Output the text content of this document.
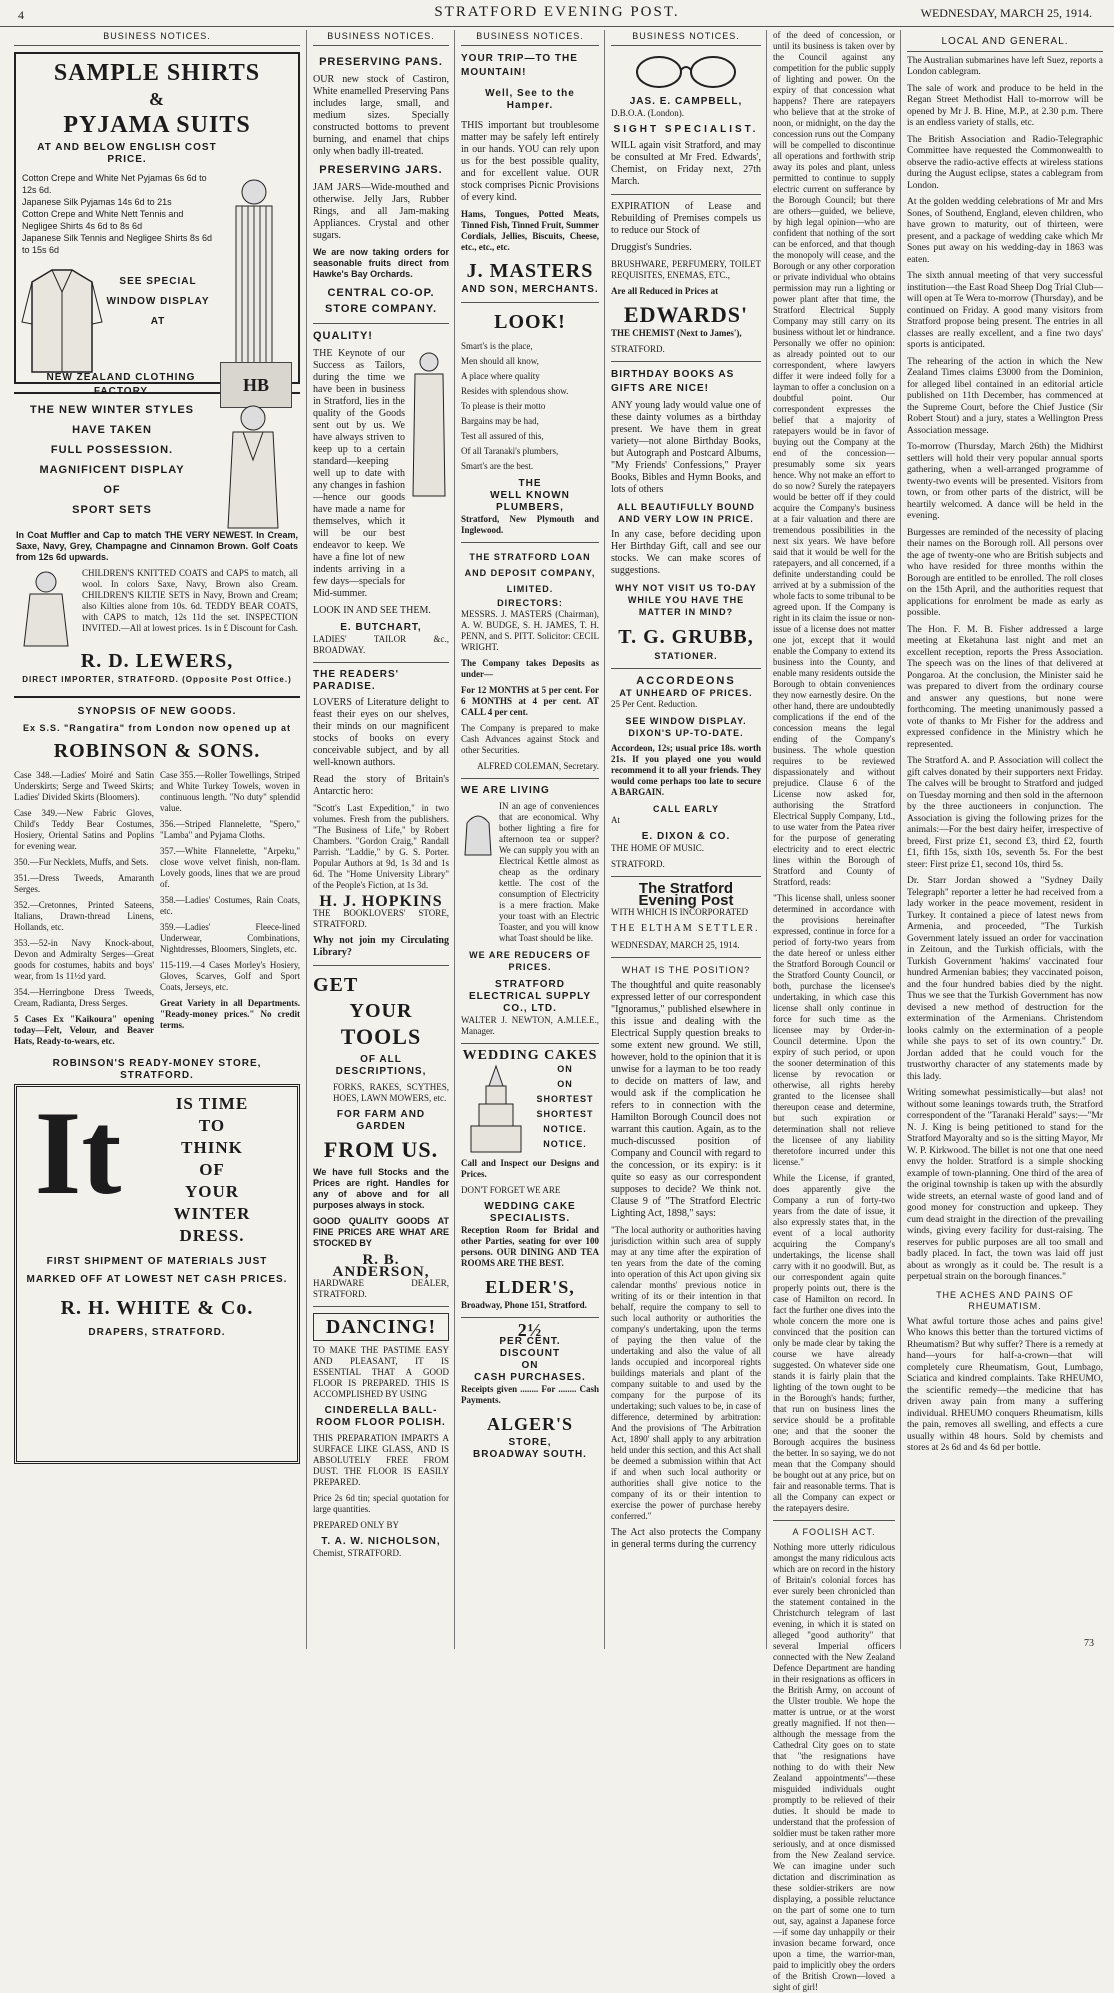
4	STRATFORD EVENING POST.	WEDNESDAY, MARCH 25, 1914.
BUSINESS NOTICES.
SAMPLE SHIRTS
&
PYJAMA SUITS
AT AND BELOW ENGLISH COST PRICE.
Cotton Crepe and White Net Pyjamas 6s 6d to 12s 6d.
Japanese Silk Pyjamas 14s 6d to 21s
Cotton Crepe and White Nett Tennis and Negligee Shirts 4s 6d to 8s 6d
Japanese Silk Tennis and Negligee Shirts 8s 6d to 15s 6d
SEE SPECIAL WINDOW DISPLAY AT
NEW ZEALAND CLOTHING FACTORY	HB
THE NEW WINTER STYLES
HAVE TAKEN
FULL POSSESSION.
MAGNIFICENT DISPLAY
OF
SPORT SETS

In Coat Muffler and Cap to match THE VERY NEWEST. In Cream, Saxe, Navy, Grey, Champagne and Cinnamon Brown. Golf Coats from 12s 6d upwards.

CHILDREN'S KNITTED COATS and CAPS to match, all wool. In colors Saxe, Navy, Brown also Cream. CHILDREN'S KILTIE SETS in Navy, Brown and Cream; also Kilties alone from 10s. 6d. TEDDY BEAR COATS, with CAPS to match, 12s 11d the set. INSPECTION INVITED.—All at lowest prices. 1s in £ Discount for Cash.

R. D. LEWERS,
DIRECT IMPORTER, STRATFORD. (Opposite Post Office.)
SYNOPSIS OF NEW GOODS.
Ex S.S. "Rangatira" from London now opened up at
ROBINSON & SONS.

Case 348.—Ladies' Moiré and Satin Underskirts; Serge and Tweed Skirts; Ladies' Divided Skirts (Bloomers).

Case 349.—New Fabric Gloves, Child's Teddy Bear Costumes, Hosiery, Oriental Satins and Poplins for evening wear.

350.—Fur Necklets, Muffs, and Sets.

351.—Dress Tweeds, Amaranth Serges.

352.—Cretonnes, Printed Sateens, Italians, Drawn-thread Linens, Hollands, etc.

353.—52-in Navy Knock-about, Devon and Admiralty Serges—Great goods for costumes, habits and boys' wear, from 1s 11½d yard.

354.—Herringbone Dress Tweeds, Cream, Radianta, Dress Serges.

5 Cases Ex "Kaikoura" opening today—Felt, Velour, and Beaver Hats, Ready-to-wears, etc.

Case 355.—Roller Towellings, Striped and White Turkey Towels, woven in continuous length. "No duty" splendid value.

356.—Striped Flannelette, "Spero," "Lamba" and Pyjama Cloths.

357.—White Flannelette, "Arpeku," close wove velvet finish, non-flam. Lovely goods, lines that we are proud of.

358.—Ladies' Costumes, Rain Coats, etc.

359.—Ladies' Fleece-lined Underwear, Combinations, Nightdresses, Bloomers, Singlets, etc.

115-119.—4 Cases Morley's Hosiery, Gloves, Scarves, Golf and Sport Coats, Jerseys, etc.

Great Variety in all Departments. "Ready-money prices." No credit terms.

ROBINSON'S READY-MONEY STORE, STRATFORD.
It	IS TIME
TO
THINK
OF
YOUR
WINTER
DRESS.
FIRST SHIPMENT OF MATERIALS JUST MARKED OFF AT LOWEST NET CASH PRICES.
R. H. WHITE & Co.
DRAPERS, STRATFORD.
BUSINESS NOTICES.
PRESERVING PANS.

OUR new stock of Castiron, White enamelled Preserving Pans includes large, small, and medium sizes. Specially constructed bottoms to prevent burning, and enamel that chips only when badly ill-treated.

PRESERVING JARS.

JAM JARS—Wide-mouthed and otherwise. Jelly Jars, Rubber Rings, and all Jam-making Appliances. Crystal and other sugars.

We are now taking orders for seasonable fruits direct from Hawke's Bay Orchards.

CENTRAL CO-OP. STORE COMPANY.
QUALITY!

THE Keynote of our Success as Tailors, during the time we have been in business in Stratford, lies in the quality of the Goods sent out by us. We have always striven to keep up to a certain standard—keeping well up to date with any changes in fashion—hence our goods have made a name for themselves, which it will be our best endeavor to keep. We have a fine lot of new indents arriving in a few days—specials for Mid-summer.

LOOK IN AND SEE THEM.

E. BUTCHART,

LADIES' TAILOR &c., BROADWAY.

THE READERS' PARADISE.

LOVERS of Literature delight to feast their eyes on our shelves, their minds on our magnificent stocks of books on every conceivable subject, and by all well-known authors.

Read the story of Britain's Antarctic hero:

"Scott's Last Expedition," in two volumes. Fresh from the publishers. "The Business of Life," by Robert Chambers. "Gordon Craig," Randall Parrish. "Laddie," by G. S. Porter. Popular Authors at 9d, 1s 3d and 1s 6d. The "Home University Library" of the People's Fiction, at 1s 3d.

H. J. HOPKINS

THE BOOKLOVERS' STORE, STRATFORD.

Why not join my Circulating Library?

GET
YOUR
TOOLS
OF ALL DESCRIPTIONS,

FORKS, RAKES, SCYTHES, HOES, LAWN MOWERS, etc.

FOR FARM AND GARDEN
FROM US.

We have full Stocks and the Prices are right. Handles for any of above and for all purposes always in stock.

GOOD QUALITY GOODS AT FINE PRICES ARE WHAT ARE STOCKED BY

R. B. ANDERSON,

HARDWARE DEALER, STRATFORD.

DANCING!

TO MAKE THE PASTIME EASY AND PLEASANT, IT IS ESSENTIAL THAT A GOOD FLOOR IS PREPARED. THIS IS ACCOMPLISHED BY USING

CINDERELLA BALL-ROOM FLOOR POLISH.

THIS PREPARATION IMPARTS A SURFACE LIKE GLASS, AND IS ABSOLUTELY FREE FROM DUST. THE FLOOR IS EASILY PREPARED.

Price 2s 6d tin; special quotation for large quantities.

PREPARED ONLY BY

T. A. W. NICHOLSON,

Chemist, STRATFORD.

BUSINESS NOTICES.
YOUR TRIP—TO THE MOUNTAIN!
Well, See to the Hamper.

THIS important but troublesome matter may be safely left entirely in our hands. YOU can rely upon us for the best possible quality, and for excellent value. OUR stock comprises Picnic Provisions of every kind.

Hams, Tongues, Potted Meats, Tinned Fish, Tinned Fruit, Summer Cordials, Jellies, Biscuits, Cheese, etc., etc., etc.

J. MASTERS
AND SON, MERCHANTS.
LOOK!
Smart's is the place,
Men should all know,
A place where quality
Resides with splendous show.
To please is their motto
Bargains may be had,
Test all assured of this,
Of all Taranaki's plumbers,
Smart's are the best.
THE
WELL KNOWN PLUMBERS,

Stratford, New Plymouth and Inglewood.

THE STRATFORD LOAN AND DEPOSIT COMPANY, LIMITED.
DIRECTORS:

MESSRS. J. MASTERS (Chairman), A. W. BUDGE, S. H. JAMES, T. H. PENN, and S. PITT. Solicitor: CECIL WRIGHT.

The Company takes Deposits as under—

For 12 MONTHS at 5 per cent. For 6 MONTHS at 4 per cent. AT CALL 4 per cent.

The Company is prepared to make Cash Advances against Stock and other Securities.

ALFRED COLEMAN, Secretary.

WE ARE LIVING

IN an age of conveniences that are economical. Why bother lighting a fire for afternoon tea or supper? We can supply you with an Electrical Kettle almost as cheap as the ordinary kettle. The cost of the consumption of Electricity is a mere fraction. Make your toast with an Electric Toaster, and you will know what Toast should be like.

WE ARE REDUCERS OF PRICES.
STRATFORD ELECTRICAL SUPPLY CO., LTD.

WALTER J. NEWTON, A.M.I.E.E., Manager.

WEDDING CAKES
ON
ON
SHORTEST
SHORTEST
NOTICE.
NOTICE.

Call and Inspect our Designs and Prices.

DON'T FORGET WE ARE

WEDDING CAKE SPECIALISTS.

Reception Room for Bridal and other Parties, seating for over 100 persons. OUR DINING AND TEA ROOMS ARE THE BEST.

ELDER'S,

Broadway, Phone 151, Stratford.

2½
PER CENT.
DISCOUNT
ON
CASH PURCHASES.

Receipts given ........ For ........ Cash Payments.

ALGER'S
STORE,
BROADWAY SOUTH.
BUSINESS NOTICES.
JAS. E. CAMPBELL,

D.B.O.A. (London).

SIGHT SPECIALIST.

WILL again visit Stratford, and may be consulted at Mr Fred. Edwards', Chemist, on Friday next, 27th March.

EXPIRATION of Lease and Rebuilding of Premises compels us to reduce our Stock of

Druggist's Sundries.

BRUSHWARE, PERFUMERY, TOILET REQUISITES, ENEMAS, ETC.,

Are all Reduced in Prices at

EDWARDS'

THE CHEMIST (Next to James'),

STRATFORD.

BIRTHDAY BOOKS AS GIFTS ARE NICE!

ANY young lady would value one of these dainty volumes as a birthday present. We have them in great variety—not alone Birthday Books, but Autograph and Postcard Albums, "My Friends' Confessions," Prayer Books, Bibles and Hymn Books, and lots of others

ALL BEAUTIFULLY BOUND AND VERY LOW IN PRICE.

In any case, before deciding upon Her Birthday Gift, call and see our stocks. We can make scores of suggestions.

WHY NOT VISIT US TO-DAY WHILE YOU HAVE THE MATTER IN MIND?
T. G. GRUBB,
STATIONER.
ACCORDEONS
AT UNHEARD OF PRICES.

25 Per Cent. Reduction.

SEE WINDOW DISPLAY.
DIXON'S UP-TO-DATE.

Accordeon, 12s; usual price 18s. worth 21s. If you played one you would recommend it to all your friends. They would come perhaps too late to secure A BARGAIN.

CALL EARLY

At

E. DIXON & CO.

THE HOME OF MUSIC.

STRATFORD.

The Stratford Evening Post

WITH WHICH IS INCORPORATED

THE ELTHAM SETTLER.

WEDNESDAY, MARCH 25, 1914.

WHAT IS THE POSITION?

The thoughtful and quite reasonably expressed letter of our correspondent "Ignoramus," published elsewhere in this issue and dealing with the Electrical Supply question breaks to some extent new ground. We still, however, hold to the opinion that it is unwise for a layman to be too ready to decide on matters of law, and would ask if the complication he refers to in connection with the Hamilton Borough Council does not warrant this caution. Again, as to the much-discussed position of Company and Council with regard to the concession, or its expiry: is it quite so easy as our correspondent supposes to decide? We think not. Clause 9 of "The Stratford Electric Lighting Act, 1898," says:

"The local authority or authorities having jurisdiction within such area of supply may at any time after the expiration of ten years from the date of the coming into operation of this Act upon giving six calendar months' previous notice in writing of its or their intention in that behalf, require the company to sell to such local authority or authorities the company's undertaking, upon the terms of paying the then value of the undertaking and also the value of all lands occupied and incorporeal rights buildings materials and plant of the company suitable to and used by the company for the purpose of its undertaking; such values to be, in case of difference, determined by arbitration: And the provisions of 'The Arbitration Act, 1890' shall apply to any arbitration held under this section, and this Act shall be deemed a submission within that Act if and when such local authority or authorities shall give notice to the company of its or their intention to exercise the power of purchase hereby conferred."

The Act also protects the Company in general terms during the currency

of the deed of concession, or until its business is taken over by the Council against any competition for the public supply of lighting and power. On the expiry of that concession what happens? There are ratepayers who believe that at the stroke of noon, or midnight, on the day the concession runs out the Company will be compelled to discontinue all operations and forthwith strip away its poles and plant, unless permitted to continue to supply electric current on sufferance by the Borough Council; but there are others—guided, we believe, by high legal opinion—who are confident that nothing of the sort can be enforced, and that though the monopoly will cease, and the Borough or any other corporation or private individual who obtains permission may run a lighting or power plant after that time, the Stratford Electrical Supply Company may still carry on its business without let or hindrance. Personally we offer no opinion: as already pointed out to our correspondent, where lawyers differ it were indeed folly for a layman to offer a conclusion on a doubtful point. Our correspondent expresses the belief that a majority of ratepayers would be in favor of buying out the Company at the end of the concession—presumably some six years hence. Why not make an effort to do so now? Surely the ratepayers would be better off if they could acquire the Company's business at a fair valuation and there are tremendous possibilities in the next six years. We have before said that it would be well for the ratepayers, and all concerned, if a definite understanding could be arrived at by a submission of the whole facts to some tribunal to be agreed upon. If the Company is right in its claim the issue or non-issue of a license does not matter one jot, except that it would enable the Company to extend its business into the County, and enable many residents outside the Borough to obtain conveniences they now earnestly desire. On the other hand, there are undoubtedly complications if the end of the concession means the legal ending of the Company's business. The whole question requires to be reviewed dispassionately and without prejudice. Clause 6 of the License now asked for, authorising the Stratford Electrical Supply Company, Ltd., to use water from the Patea river for the purpose of generating electricity and to erect electric lines within the Borough of Stratford and County of Stratford, reads:

"This license shall, unless sooner determined in accordance with the provisions hereinafter expressed, continue in force for a period of forty-two years from the date hereof or unless either the Stratford Borough Council or the Stratford County Council, or both, purchase the licensee's undertaking, in which case this license shall only continue in force for such time as the licensee may by Order-in-Council determine. Upon the expiry of such period, or upon the sooner determination of this license by revocation or otherwise, all rights hereby granted to the licensee shall thereupon cease and determine, but such expiration or determination shall not relieve the licensee of any liability theretofore incurred under this license."

While the License, if granted, does apparently give the Company a run of forty-two years from the date of issue, it also expressly states that, in the event of a local authority acquiring the Company's undertakings, the license shall carry with it no goodwill. But, as our correspondent again quite properly points out, there is the case of Hamilton on record. In fact the further one dives into the whole concern the more one is convinced that the position can only be made clear by taking the course we have already suggested. On whatever side one stands it is fairly plain that the lighting of the town ought to be in the Borough's hands; further, that run on business lines the service should be a profitable one; and that the sooner the Borough acquires the business the better. In so saying, we do not mean that the Company should be bought out at any price, but on fair and reasonable terms. That is all the Company can expect or the ratepayers desire.

A FOOLISH ACT.

Nothing more utterly ridiculous amongst the many ridiculous acts which are on record in the history of Britain's colonial forces has ever surely been chronicled than the statement contained in the Christchurch telegram of last evening, in which it is stated on alleged "good authority" that several Imperial officers connected with the New Zealand Defence Department are handing in their resignations as officers in the British Army, on account of the Ulster trouble. We hope the matter is untrue, or at the worst greatly magnified. If not then—although the message from the Cathedral City goes on to state that "the resignations have nothing to do with their New Zealand appointments"—these misguided individuals ought promptly to be relieved of their duties. It should be made to understand that the profession of soldier must be taken rather more seriously, and at once dismissed from the New Zealand service. We can imagine under such dictation and discrimination as these soldier-strikers are now displaying, a possible reluctance on the part of some one to turn out, say, against a Japanese force—if some day unhappily or their invasion became forward, once upon a time, the warrior-man, paid to implicitly obey the orders of the British Crown—loved a sight of girl!

LOCAL AND GENERAL.

The Australian submarines have left Suez, reports a London cablegram.

The sale of work and produce to be held in the Regan Street Methodist Hall to-morrow will be opened by Mr J. B. Hine, M.P., at 2.30 p.m. There is an endless variety of stalls, etc.

The British Association and Radio-Telegraphic Committee have requested the Commonwealth to observe the radio-active effects at wireless stations during the August eclipse, states a cablegram from London.

At the golden wedding celebrations of Mr and Mrs Sones, of Southend, England, eleven children, who have grown to maturity, out of thirteen, were present, and a package of wedding cake which Mr Sones put away on his wedding-day in 1863 was eaten.

The sixth annual meeting of that very successful institution—the East Road Sheep Dog Trial Club—will open at Te Wera to-morrow (Thursday), and be continued on Friday. A good many visitors from Stratford propose being present. The entries in all classes are really excellent, and a fine two days' sports is anticipated.

The rehearing of the action in which the New Zealand Times claims £3000 from the Dominion, for alleged libel contained in an editorial article published on 11th December, has commenced at the Supreme Court, before the Chief Justice (Sir Robert Stout) and a jury, states a Wellington Press Association message.

To-morrow (Thursday, March 26th) the Midhirst settlers will hold their very popular annual sports gathering, when a well-arranged programme of twenty-two events will be presented. Visitors from town, or from other parts of the district, will be heartily welcomed. A dance will be held in the evening.

Burgesses are reminded of the necessity of placing their names on the Borough roll. All persons over the age of twenty-one who are British subjects and who have resided for three months within the Borough are entitled to be enrolled. The roll closes on the 15th April, and the authorities request that applications for enrolment be made as early as possible.

The Hon. F. M. B. Fisher addressed a large meeting at Eketahuna last night and met an excellent reception, reports the Press Association. The speech was on the lines of that delivered at Pongaroa. At the conclusion, the Minister said he was prepared to divert from the ordinary course and answer any questions, but none were forthcoming. The meeting unanimously passed a vote of thanks to Mr Fisher for the address and expressed confidence in the Ministry which he represented.

The Stratford A. and P. Association will collect the gift calves donated by their supporters next Friday. The calves will be brought to Stratford and judged on Tuesday morning and then sold in the afternoon by the three auctioneers in conjunction. The Association is giving the following prizes for the animals:—For the best dairy heifer, irrespective of breed, First prize £1, second £3, third £2, fourth £1, fifth 15s, sixth 10s, seventh 5s. For the best steer: First prize £1, second 10s, third 5s.

Dr. Starr Jordan showed a "Sydney Daily Telegraph" reporter a letter he had received from a lady worker in the peace movement, resident in Turkey. It contained a piece of latest news from Armenia, and proceeded, "The Turkish Government lately issued an order for vaccination in Zeitoun, and the Turkish officials, with the Turkish Government 'hakims' vaccinated four hundred Armenian babies; they vaccinated poison, and the four hundred babies died by the night. Thus we see that the Turkish Government has now devised a new method of destruction for the extermination of the Armenians. Christendom looks calmly on the extermination of a people while she pays to set of its own country." Dr. Jordan added that he could vouch for the trustworthy character of any statements made by this lady.

Writing somewhat pessimistically—but alas! not without some leanings towards truth, the Stratford correspondent of the "Taranaki Herald" says:—"Mr N. J. King is being petitioned to stand for the Stratford Mayoralty and so is the sitting Mayor, Mr W. P. Kirkwood. The billet is not one that one need envy the holder. Stratford is a simple shocking example of town-planning. One third of the area of the original township is taken up with the absurdly wide streets, an eternal waste of good land and of good money for construction and upkeep. They cum dead straight in the direction of the prevailing winds, giving every facility for dust-raising. The reserves for public purposes are all too small and badly placed. In fact, the town was laid off just about as wrongly as it could be. The result is a perpetual strain on the borough finances."

THE ACHES AND PAINS OF RHEUMATISM.

What awful torture those aches and pains give! Who knows this better than the tortured victims of Rheumatism? But why suffer? There is a remedy at hand—yours for half-a-crown—that will completely cure Rheumatism, Gout, Lumbago, Sciatica and kindred complaints. Take RHEUMO, the scientific remedy—the medicine that has driven away pain from many a suffering individual. RHEUMO conquers Rheumatism, kills the pain, removes all swelling, and effects a cure usually within 48 hours. Sold by chemists and stores at 2s 6d and 4s 6d per bottle.

73
